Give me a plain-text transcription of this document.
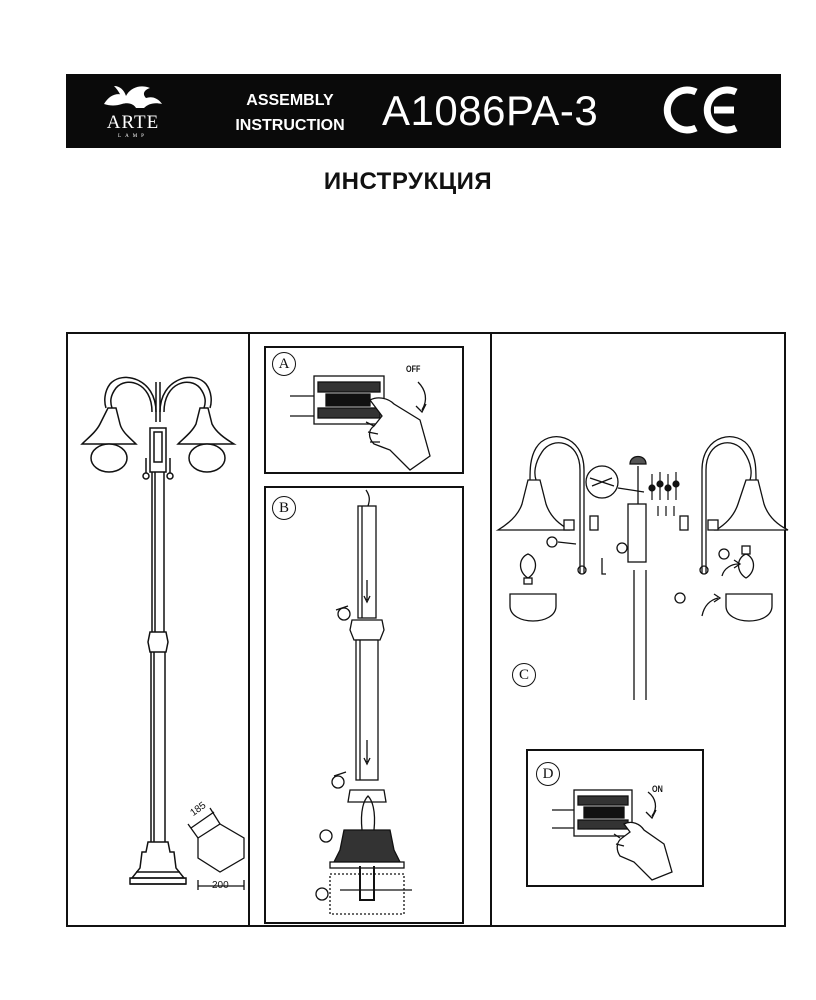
ARTE
LAMP
ASSEMBLY
INSTRUCTION A1086PA-3
ИНСТРУКЦИЯ
185
200
A	OFF
B
C
D
ON
